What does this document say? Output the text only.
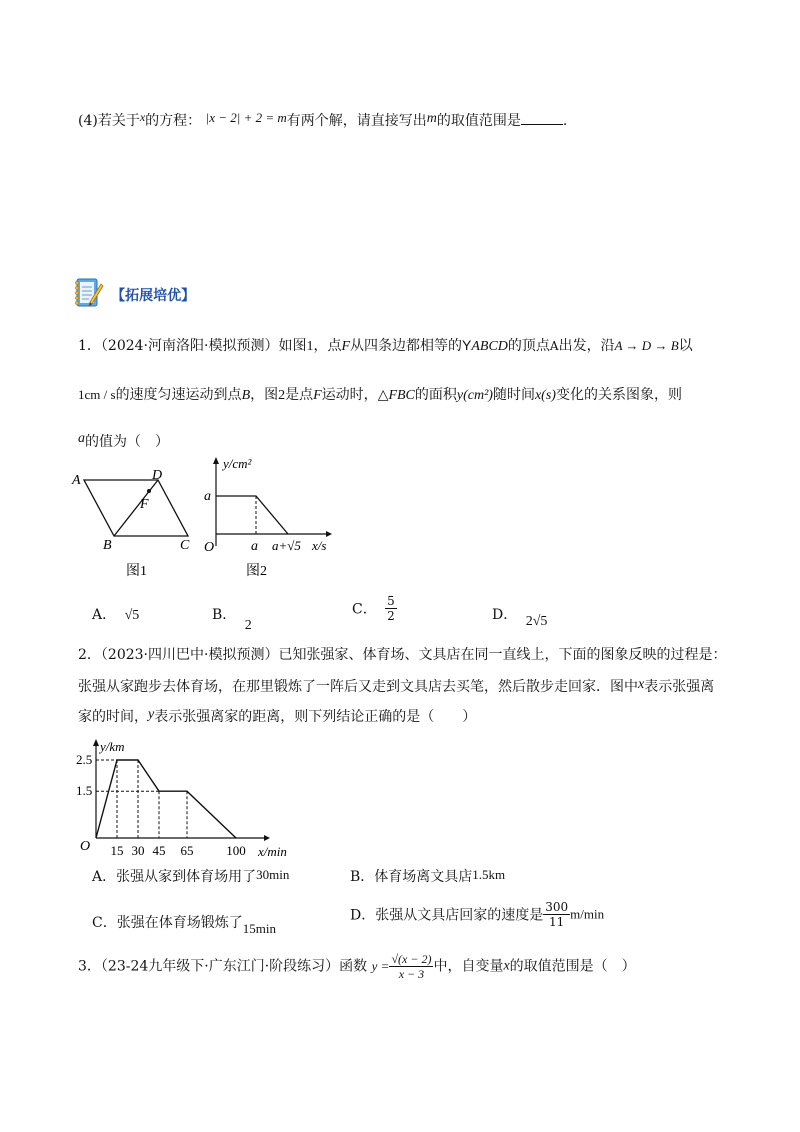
(4)若关于x的方程： |x − 2| + 2 = m有两个解，请直接写出m的取值范围是	.
【拓展培优】
1．（2024·河南洛阳·模拟预测）如图1，点F从四条边都相等的YABCD的顶点A出发，沿A → D → B以
1cm / s的速度匀速运动到点B，图2是点F运动时，△FBC的面积y(cm²)随时间x(s)变化的关系图象，则
a的值为（　）
A	D
F
B	C
图1
y/cm²
a
O	a a+√5 x/s
图2
A． √5	B． 2
C． $\frac{5}{2}$	D． 2√5
2．（2023·四川巴中·模拟预测）已知张强家、体育场、文具店在同一直线上，下面的图象反映的过程是：
张强从家跑步去体育场，在那里锻炼了一阵后又走到文具店去买笔，然后散步走回家．图中x表示张强离
家的时间，y表示张强离家的距离，则下列结论正确的是（　　）
y/km
x/min
O
2.5
1.5
15 30 45 65	100
A．张强从家到体育场用了30min	B．体育场离文具店1.5km
C．张强在体育场锻炼了15min
D．张强从文具店回家的速度是 $\frac{300}{11} m/\min$
3．（23-24九年级下·广东江门·阶段练习）函数 $y = \frac{√(x - 2)}{x - 3}$ 中，自变量x的取值范围是（　）
